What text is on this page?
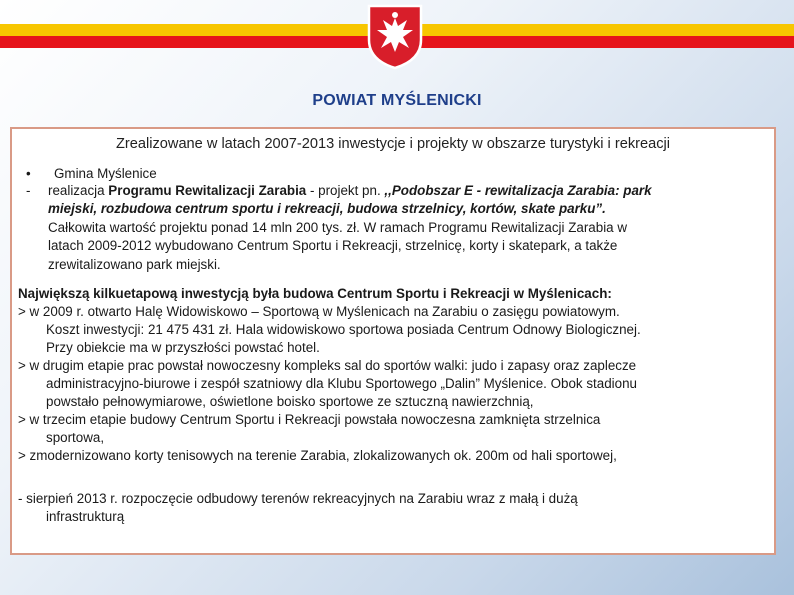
POWIAT MYŚLENICKI
Zrealizowane w latach 2007-2013 inwestycje i projekty w obszarze turystyki i rekreacji
• Gmina Myślenice
- realizacja Programu Rewitalizacji Zarabia - projekt pn. ,,Podobszar E - rewitalizacja Zarabia: park
miejski, rozbudowa centrum sportu i rekreacji, budowa strzelnicy, kortów, skate parku”.
Całkowita wartość projektu ponad 14 mln 200 tys. zł. W ramach Programu Rewitalizacji Zarabia w
latach 2009-2012 wybudowano Centrum Sportu i Rekreacji, strzelnicę, korty i skatepark, a także
zrewitalizowano park miejski.
Największą kilkuetapową inwestycją była budowa Centrum Sportu i Rekreacji w Myślenicach:
> w 2009 r. otwarto Halę Widowiskowo – Sportową w Myślenicach na Zarabiu o zasięgu powiatowym.
Koszt inwestycji: 21 475 431 zł. Hala widowiskowo sportowa posiada Centrum Odnowy Biologicznej.
Przy obiekcie ma w przyszłości powstać hotel.
> w drugim etapie prac powstał nowoczesny kompleks sal do sportów walki: judo i zapasy oraz zaplecze
administracyjno-biurowe i zespół szatniowy dla Klubu Sportowego „Dalin” Myślenice. Obok stadionu
powstało pełnowymiarowe, oświetlone boisko sportowe ze sztuczną nawierzchnią,
> w trzecim etapie budowy Centrum Sportu i Rekreacji powstała nowoczesna zamknięta strzelnica
sportowa,
> zmodernizowano korty tenisowych na terenie Zarabia, zlokalizowanych ok. 200m od hali sportowej,
- sierpień 2013 r. rozpoczęcie odbudowy terenów rekreacyjnych na Zarabiu wraz z małą i dużą
infrastrukturą
